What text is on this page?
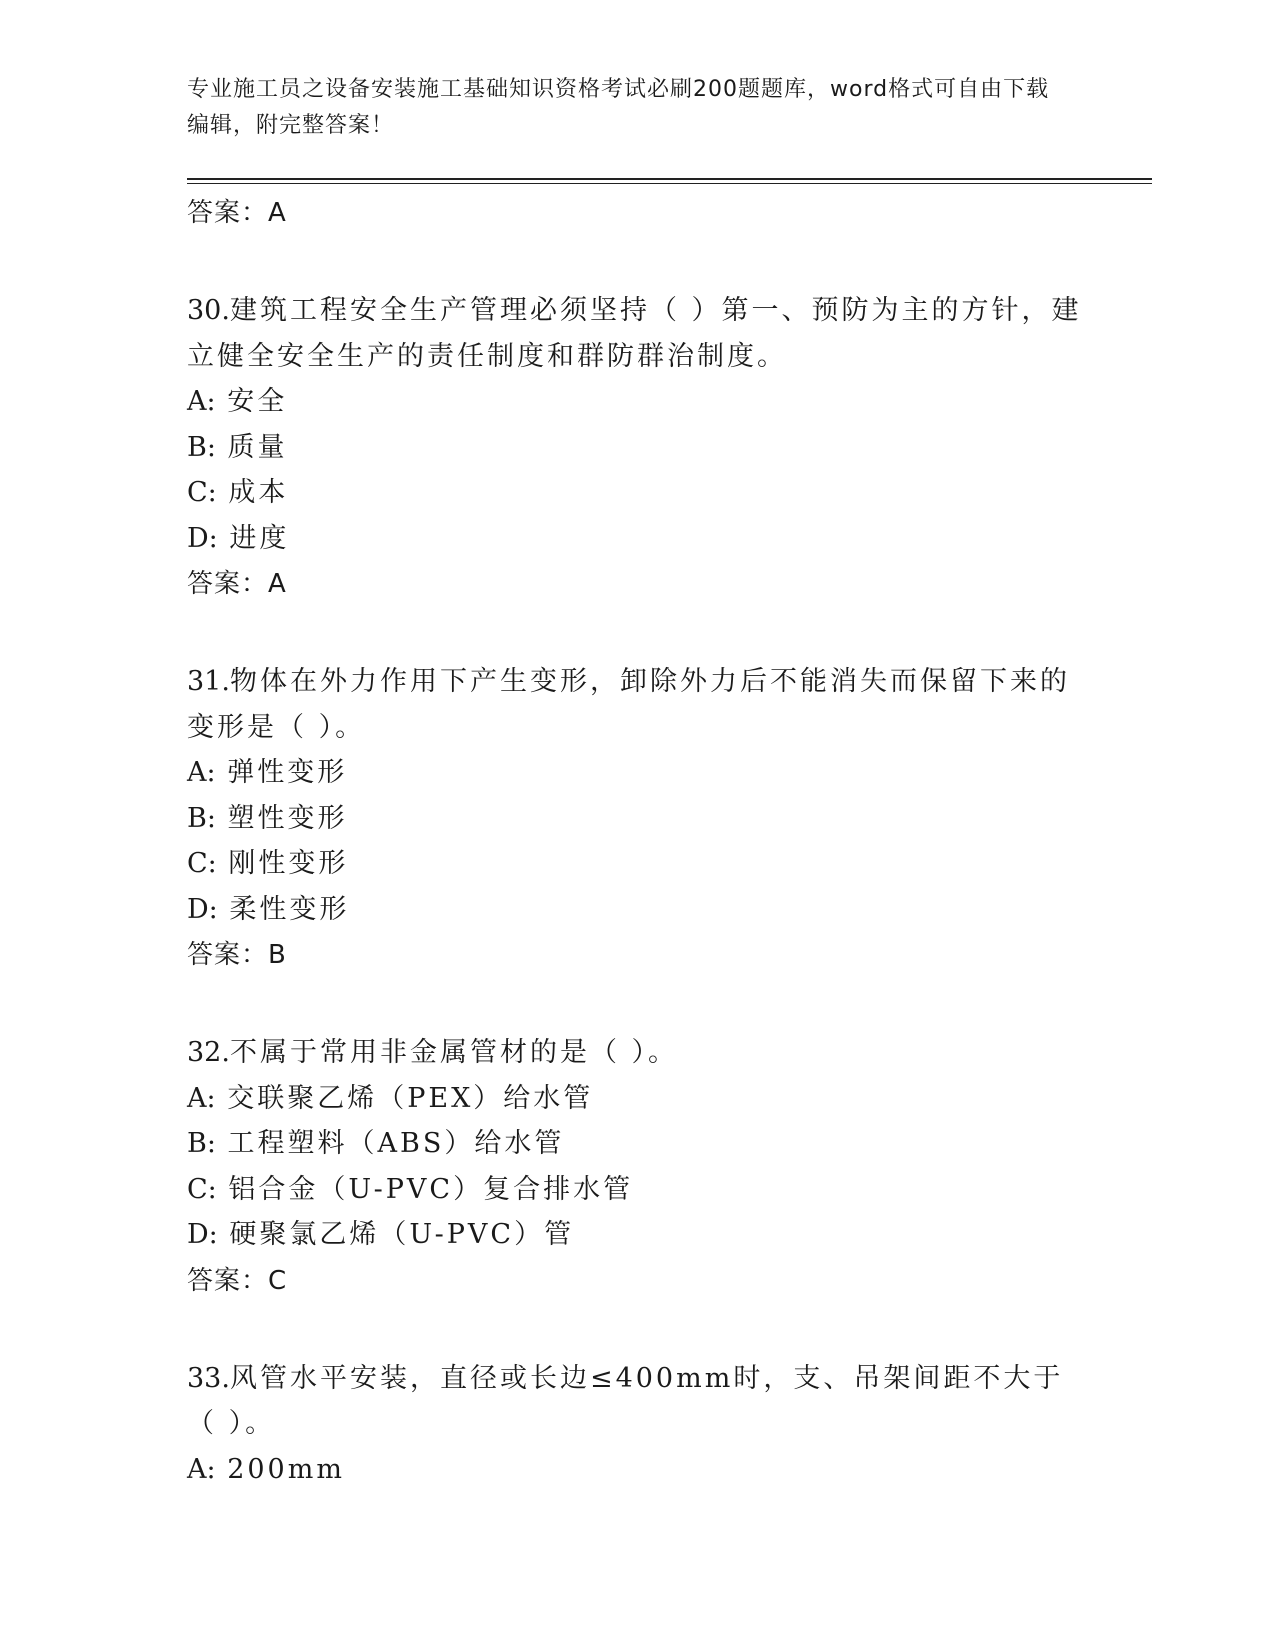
专业施工员之设备安装施工基础知识资格考试必刷200题题库，word格式可自由下载编辑，附完整答案！
答案：A

30.建筑工程安全生产管理必须坚持（ ）第一、预防为主的方针，建立健全安全生产的责任制度和群防群治制度。

A: 安全
B: 质量
C: 成本
D: 进度
答案：A

31.物体在外力作用下产生变形，卸除外力后不能消失而保留下来的变形是（ ）。

A: 弹性变形
B: 塑性变形
C: 刚性变形
D: 柔性变形
答案：B

32.不属于常用非金属管材的是（ ）。

A: 交联聚乙烯（PEX）给水管
B: 工程塑料（ABS）给水管
C: 铝合金（U-PVC）复合排水管
D: 硬聚氯乙烯（U-PVC）管
答案：C

33.风管水平安装，直径或长边≤400mm时，支、吊架间距不大于（ ）。

A: 200mm
